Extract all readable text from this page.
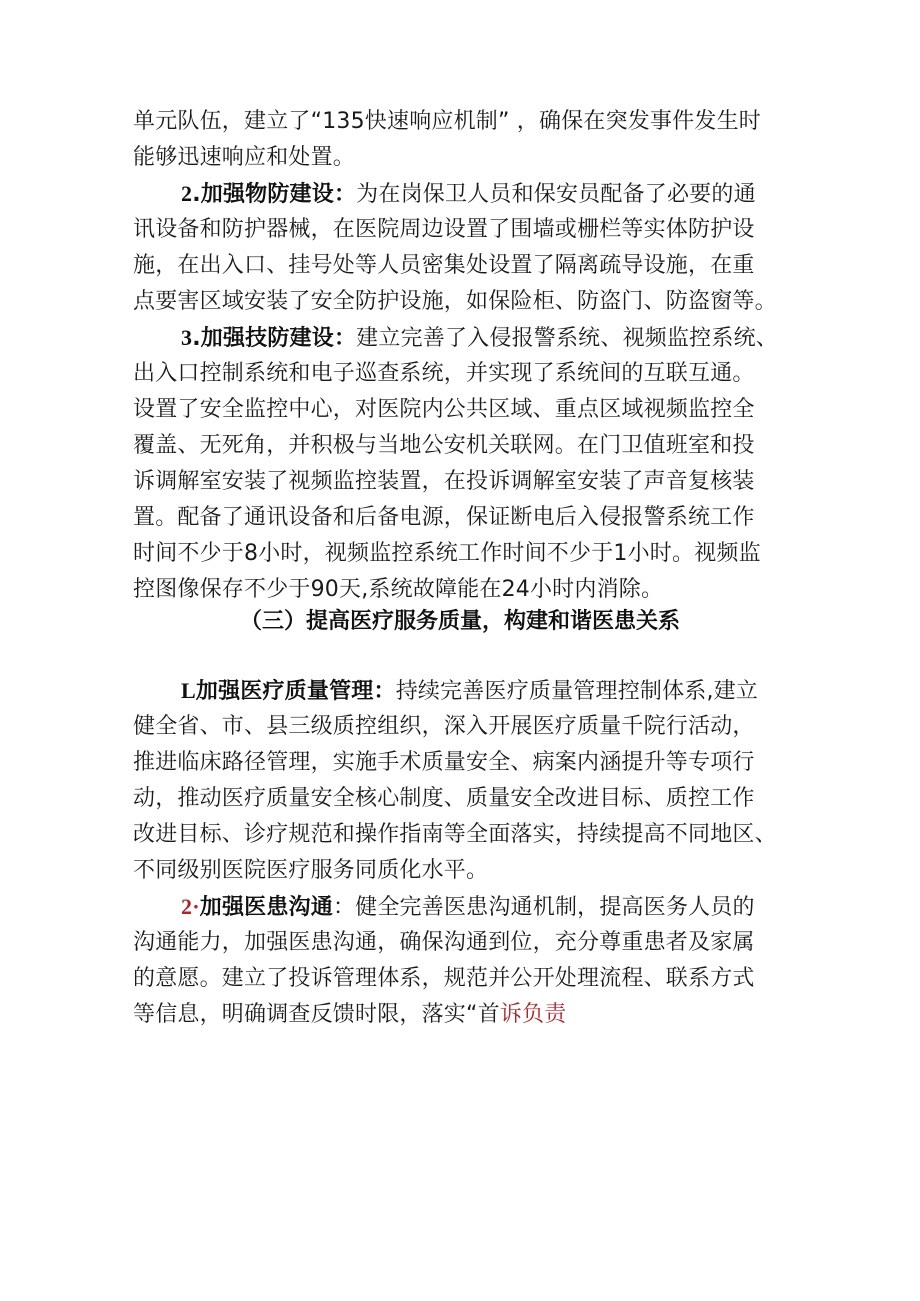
单元队伍，建立了“135快速响应机制” ，确保在突发事件发生时
能够迅速响应和处置。
2.加强物防建设：为在岗保卫人员和保安员配备了必要的通
讯设备和防护器械，在医院周边设置了围墙或栅栏等实体防护设
施，在出入口、挂号处等人员密集处设置了隔离疏导设施，在重
点要害区域安装了安全防护设施，如保险柜、防盗门、防盗窗等。
3.加强技防建设：建立完善了入侵报警系统、视频监控系统、
出入口控制系统和电子巡查系统，并实现了系统间的互联互通。
设置了安全监控中心，对医院内公共区域、重点区域视频监控全
覆盖、无死角，并积极与当地公安机关联网。在门卫值班室和投
诉调解室安装了视频监控装置，在投诉调解室安装了声音复核装
置。配备了通讯设备和后备电源，保证断电后入侵报警系统工作
时间不少于8小时，视频监控系统工作时间不少于1小时。视频监
控图像保存不少于90天,系统故障能在24小时内消除。
（三）提高医疗服务质量，构建和谐医患关系
L加强医疗质量管理：持续完善医疗质量管理控制体系,建立
健全省、市、县三级质控组织，深入开展医疗质量千院行活动，
推进临床路径管理，实施手术质量安全、病案内涵提升等专项行
动，推动医疗质量安全核心制度、质量安全改进目标、质控工作
改进目标、诊疗规范和操作指南等全面落实，持续提高不同地区、
不同级别医院医疗服务同质化水平。
2·加强医患沟通：健全完善医患沟通机制，提高医务人员的
沟通能力，加强医患沟通，确保沟通到位，充分尊重患者及家属
的意愿。建立了投诉管理体系，规范并公开处理流程、联系方式
等信息，明确调查反馈时限，落实“首诉负责
